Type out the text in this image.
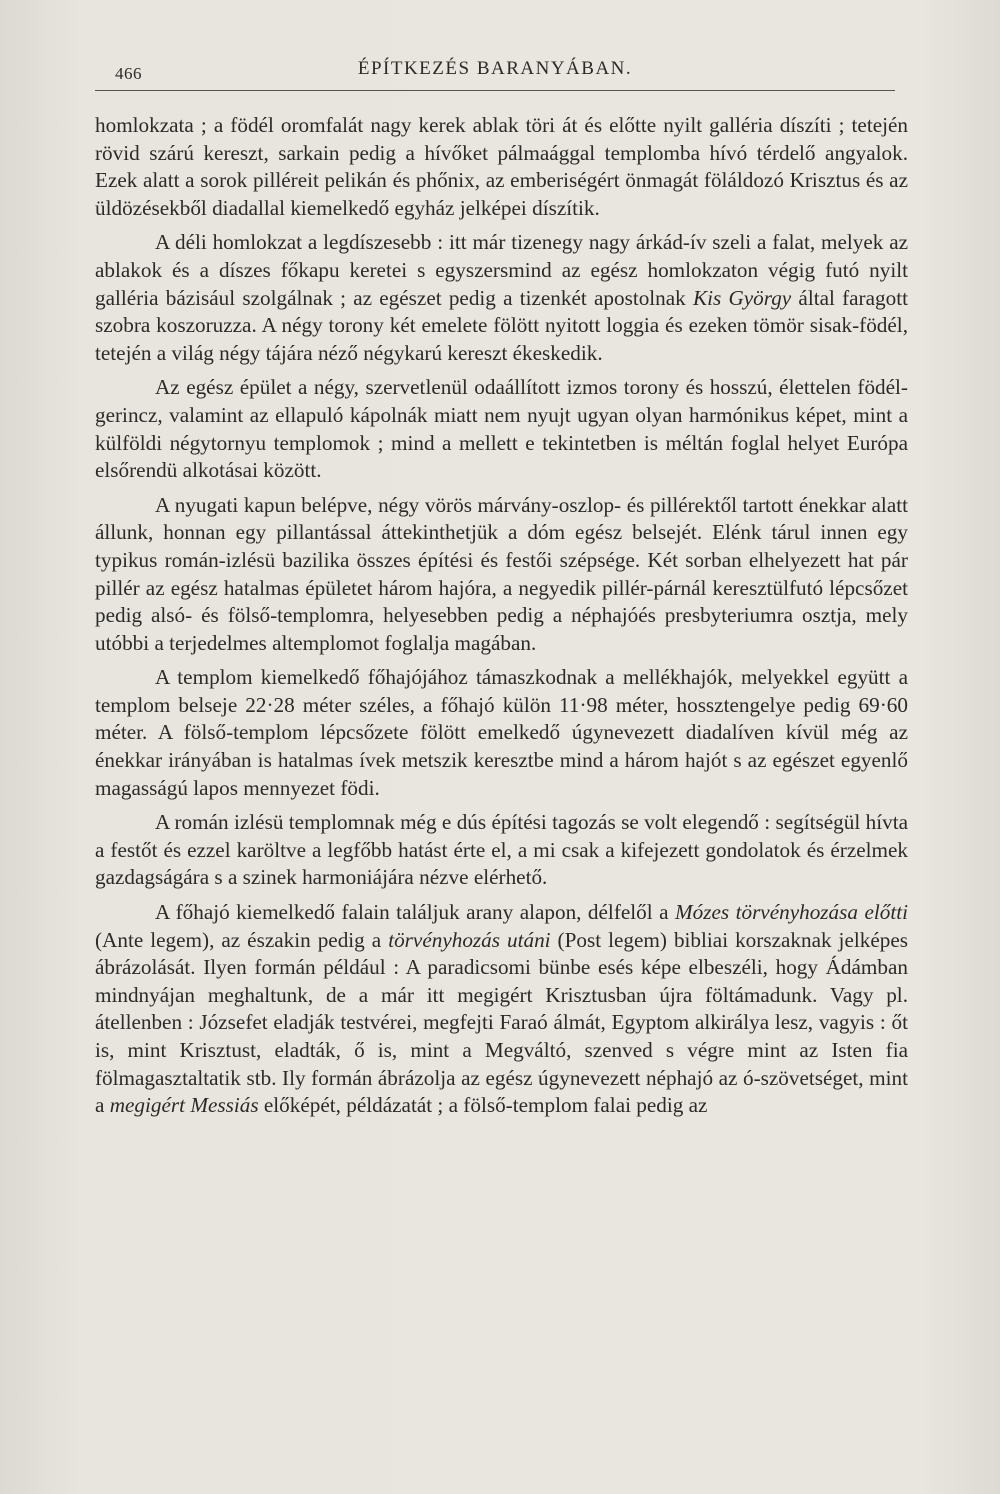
466	ÉPÍTKEZÉS BARANYÁBAN.

homlokzata ; a födél oromfalát nagy kerek ablak töri át és előtte nyilt galléria díszíti ; tetején rövid szárú kereszt, sarkain pedig a hívőket pálmaággal templomba hívó térdelő angyalok. Ezek alatt a sorok pilléreit pelikán és phőnix, az emberiségért önmagát föláldozó Krisztus és az üldözésekből diadallal kiemelkedő egyház jelképei díszítik.

A déli homlokzat a legdíszesebb : itt már tizenegy nagy árkád-ív szeli a falat, melyek az ablakok és a díszes főkapu keretei s egyszersmind az egész homlokzaton végig futó nyilt galléria bázisául szolgálnak ; az egészet pedig a tizenkét apostolnak Kis György által faragott szobra koszoruzza. A négy torony két emelete fölött nyitott loggia és ezeken tömör sisak-födél, tetején a világ négy tájára néző négykarú kereszt ékeskedik.

Az egész épület a négy, szervetlenül odaállított izmos torony és hosszú, élettelen födél-gerincz, valamint az ellapuló kápolnák miatt nem nyujt ugyan olyan harmónikus képet, mint a külföldi négytornyu templomok ; mind a mellett e tekintetben is méltán foglal helyet Európa elsőrendü alkotásai között.

A nyugati kapun belépve, négy vörös márvány-oszlop- és pillérektől tartott énekkar alatt állunk, honnan egy pillantással áttekinthetjük a dóm egész belsejét. Elénk tárul innen egy typikus román-izlésü bazilika összes építési és festői szépsége. Két sorban elhelyezett hat pár pillér az egész hatalmas épületet három hajóra, a negyedik pillér-párnál keresztülfutó lépcsőzet pedig alsó- és fölső-templomra, helyesebben pedig a néphajóés presbyteriumra osztja, mely utóbbi a terjedelmes altemplomot foglalja magában.

A templom kiemelkedő főhajójához támaszkodnak a mellékhajók, melyekkel együtt a templom belseje 22·28 méter széles, a főhajó külön 11·98 méter, hossztengelye pedig 69·60 méter. A fölső-templom lépcsőzete fölött emelkedő úgynevezett diadalíven kívül még az énekkar irányában is hatalmas ívek metszik keresztbe mind a három hajót s az egészet egyenlő magasságú lapos mennyezet födi.

A román izlésü templomnak még e dús építési tagozás se volt elegendő : segítségül hívta a festőt és ezzel karöltve a legfőbb hatást érte el, a mi csak a kifejezett gondolatok és érzelmek gazdagságára s a szinek harmoniájára nézve elérhető.

A főhajó kiemelkedő falain találjuk arany alapon, délfelől a Mózes törvényhozása előtti (Ante legem), az északin pedig a törvényhozás utáni (Post legem) bibliai korszaknak jelképes ábrázolását. Ilyen formán például : A paradicsomi bünbe esés képe elbeszéli, hogy Ádámban mindnyájan meghaltunk, de a már itt megigért Krisztusban újra föltámadunk. Vagy pl. átellenben : Józsefet eladják testvérei, megfejti Faraó álmát, Egyptom alkirálya lesz, vagyis : őt is, mint Krisztust, eladták, ő is, mint a Megváltó, szenved s végre mint az Isten fia fölmagasztaltatik stb. Ily formán ábrázolja az egész úgynevezett néphajó az ó-szövetséget, mint a megigért Messiás előképét, példázatát ; a fölső-templom falai pedig az
